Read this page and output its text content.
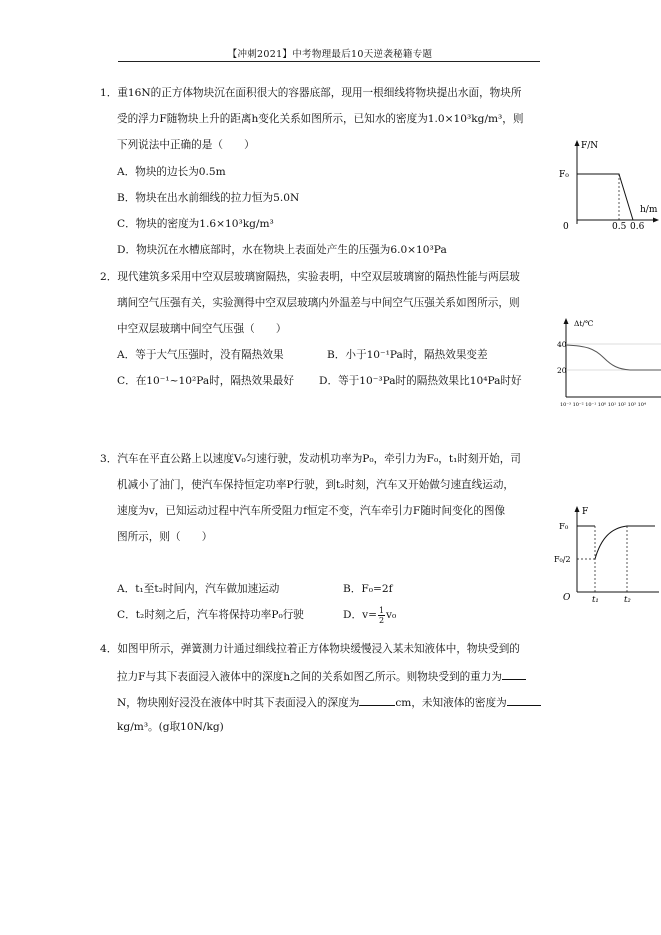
【冲刺2021】中考物理最后10天逆袭秘籍专题
1．重16N的正方体物块沉在面积很大的容器底部，现用一根细线将物块提出水面，物块所
受的浮力F随物块上升的距离h变化关系如图所示，已知水的密度为1.0×10³kg/m³，则
下列说法中正确的是（　　）
A．物块的边长为0.5m
B．物块在出水前细线的拉力恒为5.0N
C．物块的密度为1.6×10³kg/m³
D．物块沉在水槽底部时，水在物块上表面处产生的压强为6.0×10³Pa
F/N
h/m
F₀
0	0.5 0.6
2．现代建筑多采用中空双层玻璃窗隔热，实验表明，中空双层玻璃窗的隔热性能与两层玻
璃间空气压强有关，实验测得中空双层玻璃内外温差与中间空气压强关系如图所示，则
中空双层玻璃中间空气压强（　　）
A．等于大气压强时，没有隔热效果	B．小于10⁻¹Pa时，隔热效果变差
C．在10⁻¹~10²Pa时，隔热效果最好 D．等于10⁻³Pa时的隔热效果比10⁴Pa时好
Δt/℃
40
20
10⁻³ 10⁻² 10⁻¹ 10⁰ 10¹ 10² 10³ 10⁴
3．汽车在平直公路上以速度V₀匀速行驶，发动机功率为P₀，牵引力为F₀，t₁时刻开始，司
机减小了油门，使汽车保持恒定功率P行驶，到t₂时刻，汽车又开始做匀速直线运动，
速度为v，已知运动过程中汽车所受阻力f恒定不变，汽车牵引力F随时间变化的图像
图所示，则（　　）
A．t₁至t₂时间内，汽车做加速运动	B．F₀=2f
C．t₂时刻之后，汽车将保持功率P₀行驶	D．$v= \frac{1}{2} v_0$
F
F₀
F₀/2
O	t₁	t₂
4．如图甲所示，弹簧测力计通过细线拉着正方体物块缓慢浸入某未知液体中，物块受到的
拉力F与其下表面浸入液体中的深度h之间的关系如图乙所示。则物块受到的重力为
N，物块刚好浸没在液体中时其下表面浸入的深度为	cm，未知液体的密度为
kg/m³。(g取10N/kg)
